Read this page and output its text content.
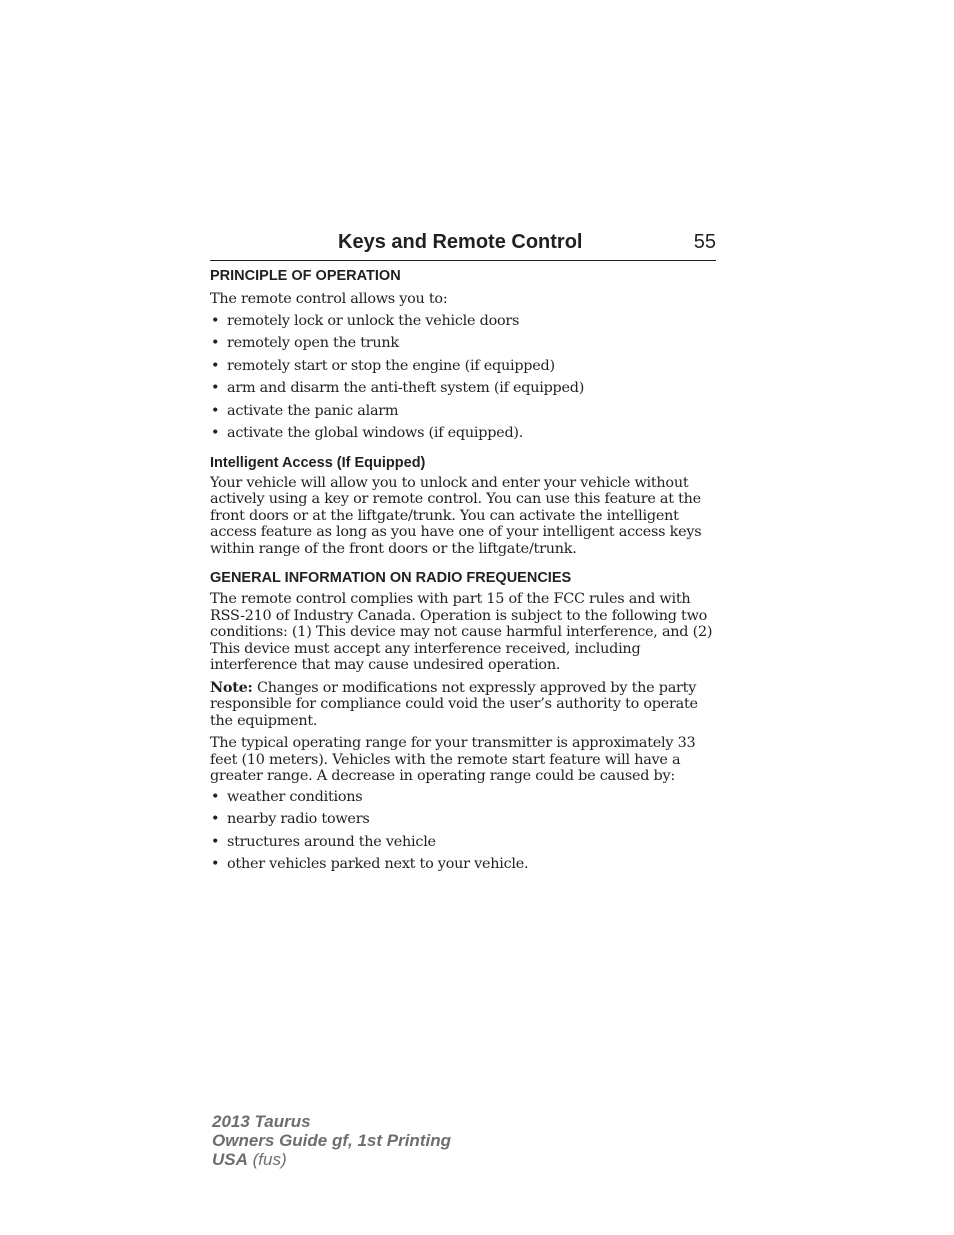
Keys and Remote Control	55
PRINCIPLE OF OPERATION

The remote control allows you to:

• remotely lock or unlock the vehicle doors
• remotely open the trunk
• remotely start or stop the engine (if equipped)
• arm and disarm the anti-theft system (if equipped)
• activate the panic alarm
• activate the global windows (if equipped).
Intelligent Access (If Equipped)

Your vehicle will allow you to unlock and enter your vehicle without actively using a key or remote control. You can use this feature at the front doors or at the liftgate/trunk. You can activate the intelligent access feature as long as you have one of your intelligent access keys within range of the front doors or the liftgate/trunk.

GENERAL INFORMATION ON RADIO FREQUENCIES

The remote control complies with part 15 of the FCC rules and with RSS-210 of Industry Canada. Operation is subject to the following two conditions: (1) This device may not cause harmful interference, and (2) This device must accept any interference received, including interference that may cause undesired operation.

Note: Changes or modifications not expressly approved by the party responsible for compliance could void the user’s authority to operate the equipment.

The typical operating range for your transmitter is approximately 33 feet (10 meters). Vehicles with the remote start feature will have a greater range. A decrease in operating range could be caused by:

• weather conditions
• nearby radio towers
• structures around the vehicle
• other vehicles parked next to your vehicle.
2013 Taurus
Owners Guide gf, 1st Printing
USA (fus)
